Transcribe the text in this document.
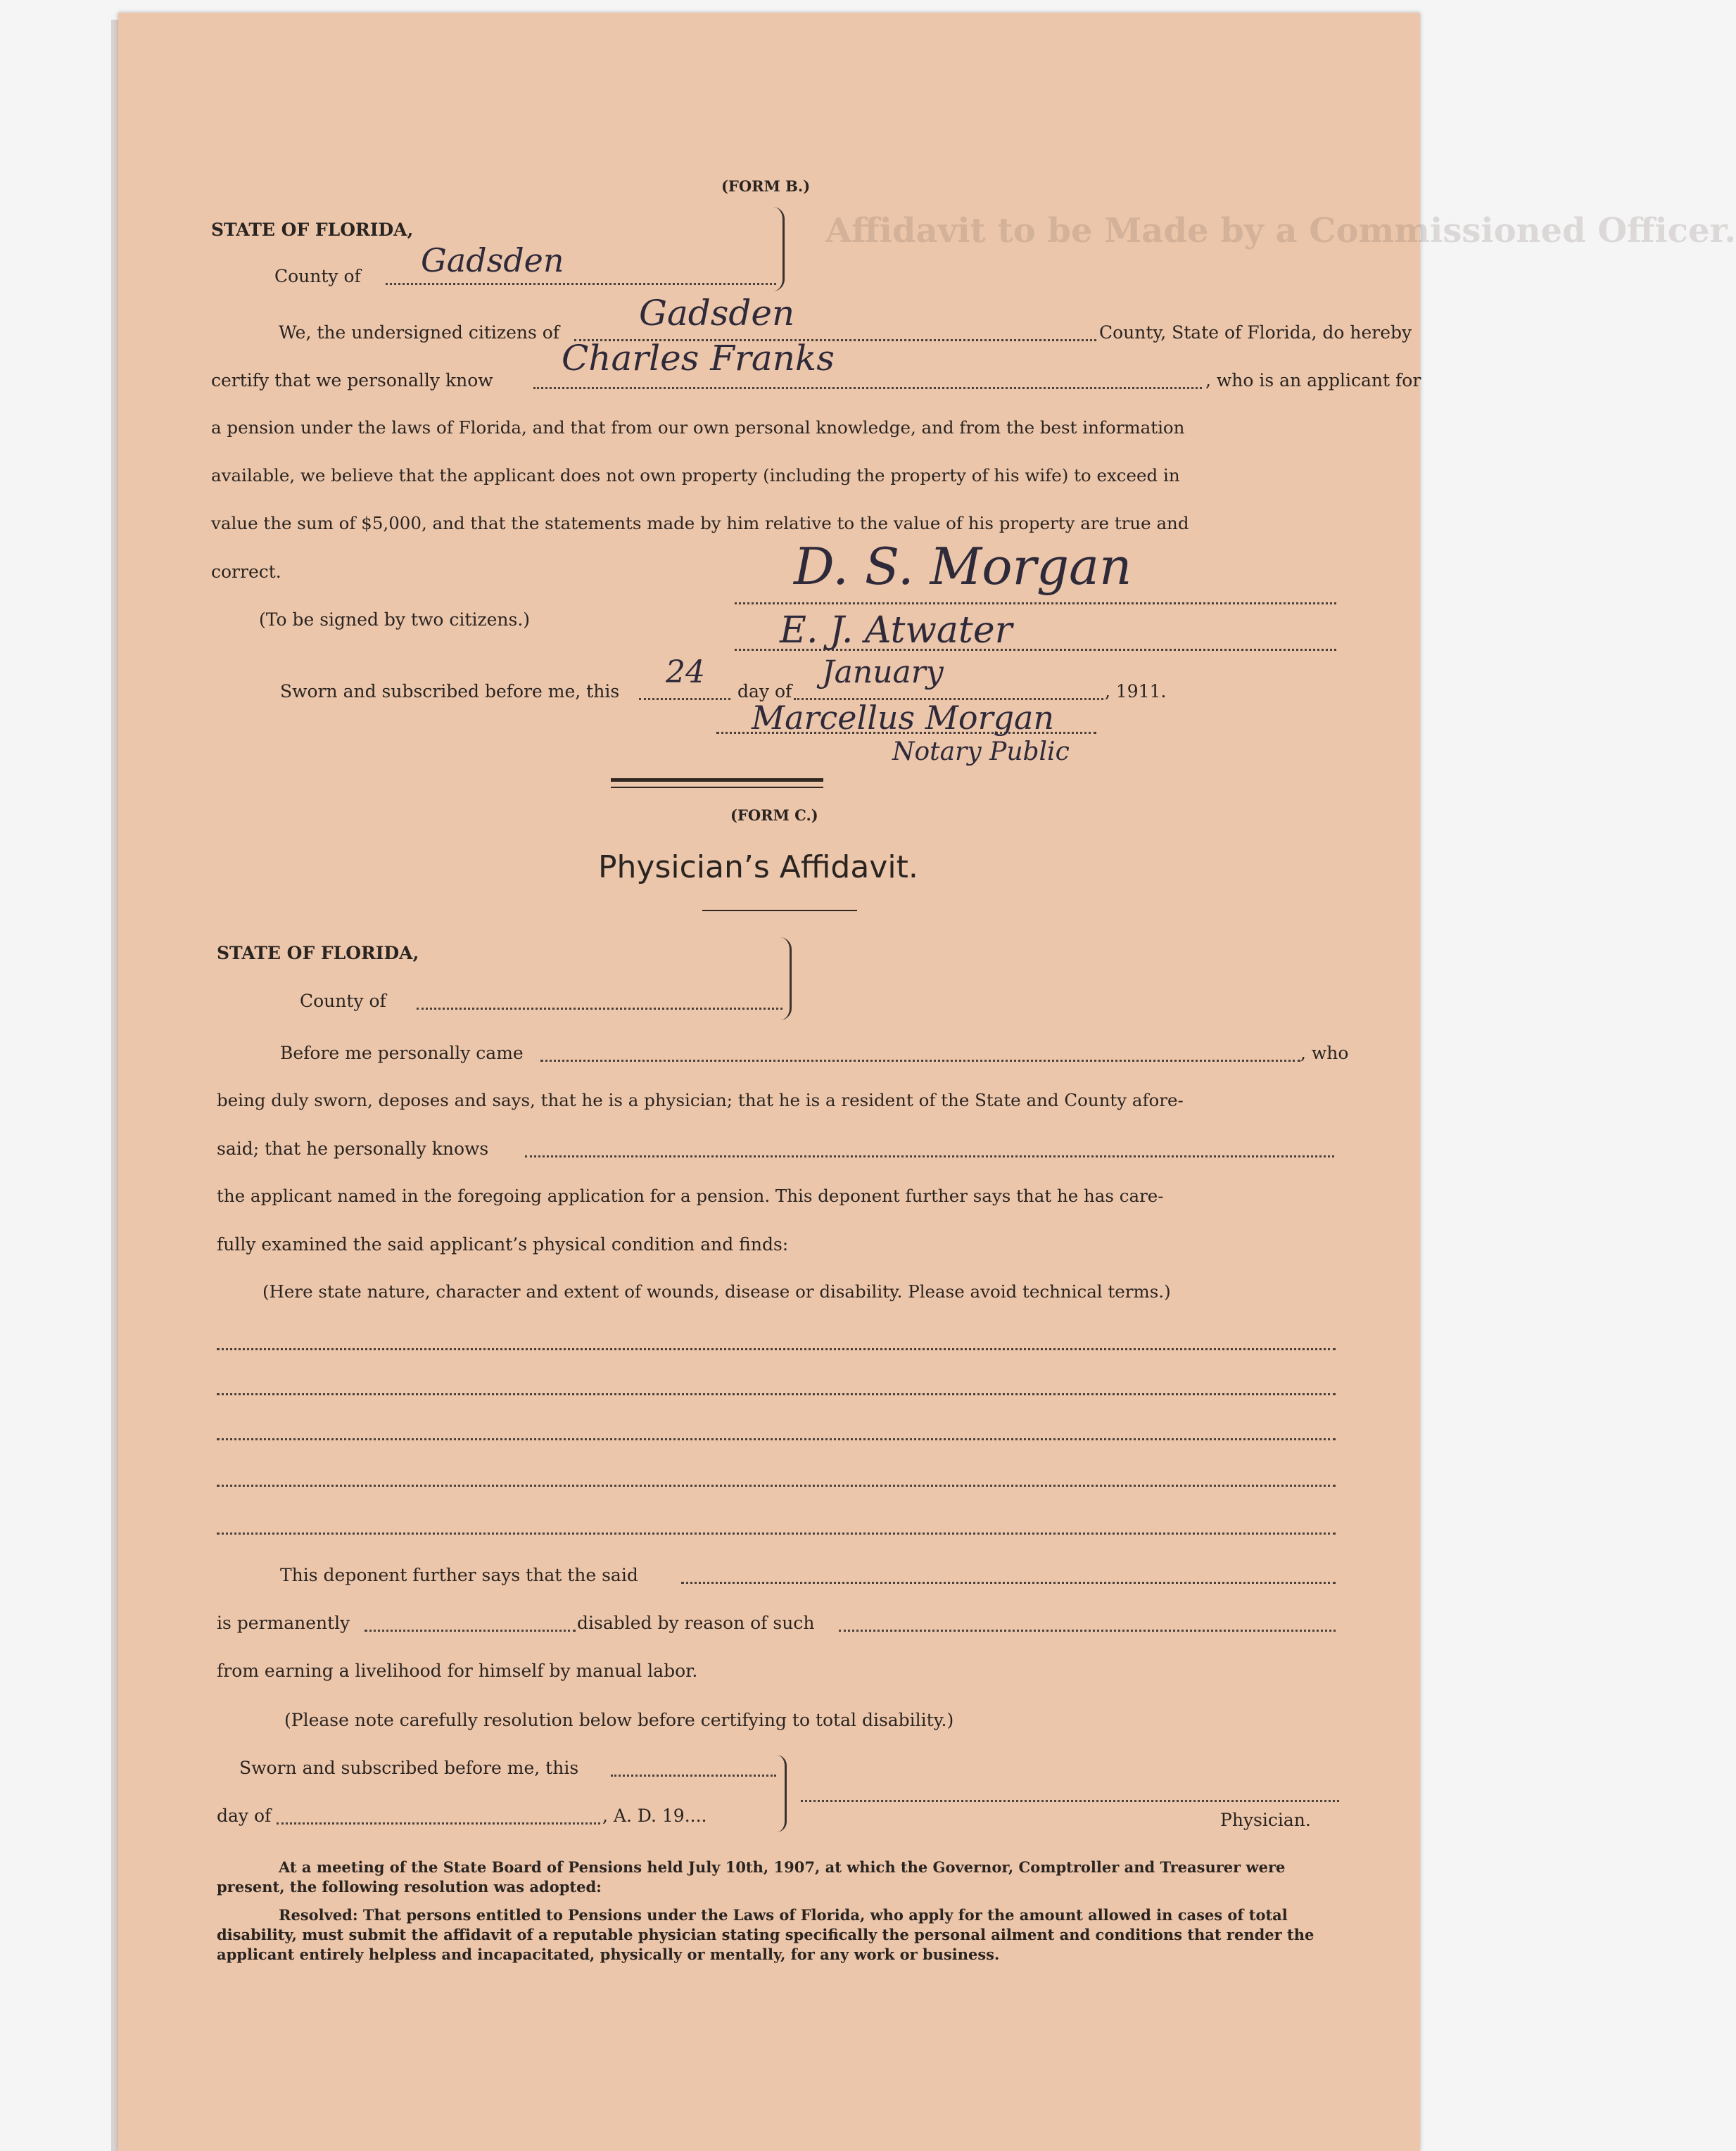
Affidavit to be Made by a Commissioned Officer.
(FORM B.)
STATE OF FLORIDA,
County of Gadsden
We, the undersigned citizens of Gadsden	County, State of Florida, do hereby
certify that we personally know
Charles Franks
, who is an applicant for
a pension under the laws of Florida, and that from our own personal knowledge, and from the best information
available, we believe that the applicant does not own property (including the property of his wife) to exceed in
value the sum of $5,000, and that the statements made by him relative to the value of his property are true and
correct.
(To be signed by two citizens.)
D. S. Morgan
E. J. Atwater
Sworn and subscribed before me, this
24
day of
January
, 1911.
Marcellus Morgan
Notary Public
(FORM C.)
Physician’s Affidavit.
STATE OF FLORIDA,
County of
Before me personally came	, who
being duly sworn, deposes and says, that he is a physician; that he is a resident of the State and County afore-
said; that he personally knows
the applicant named in the foregoing application for a pension. This deponent further says that he has care-
fully examined the said applicant’s physical condition and finds:
(Here state nature, character and extent of wounds, disease or disability. Please avoid technical terms.)
This deponent further says that the said
is permanently	disabled by reason of such
from earning a livelihood for himself by manual labor.
(Please note carefully resolution below before certifying to total disability.)
Sworn and subscribed before me, this
day of	, A. D. 19....	Physician.
At a meeting of the State Board of Pensions held July 10th, 1907, at which the Governor, Comptroller and Treasurer were present, the following resolution was adopted:
Resolved: That persons entitled to Pensions under the Laws of Florida, who apply for the amount allowed in cases of total disability, must submit the affidavit of a reputable physician stating specifically the personal ailment and conditions that render the applicant entirely helpless and incapacitated, physically or mentally, for any work or business.
